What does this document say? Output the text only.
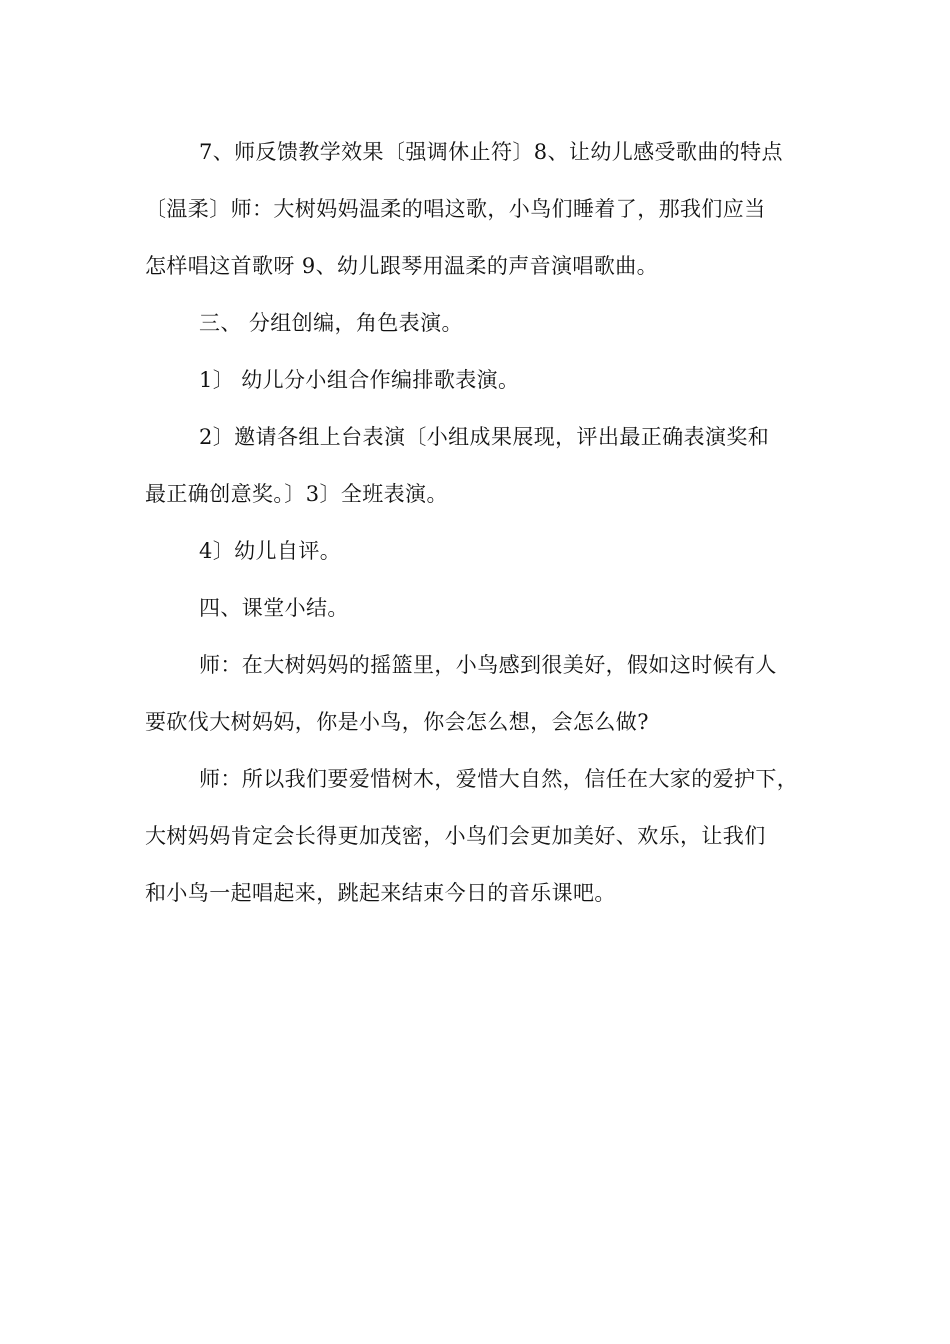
7、师反馈教学效果〔强调休止符〕8、让幼儿感受歌曲的特点
〔温柔〕师：大树妈妈温柔的唱这歌，小鸟们睡着了，那我们应当
怎样唱这首歌呀 9、幼儿跟琴用温柔的声音演唱歌曲。
三、 分组创编，角色表演。
1〕 幼儿分小组合作编排歌表演。
2〕邀请各组上台表演〔小组成果展现，评出最正确表演奖和
最正确创意奖。〕3〕全班表演。
4〕幼儿自评。
四、课堂小结。
师：在大树妈妈的摇篮里，小鸟感到很美好，假如这时候有人
要砍伐大树妈妈，你是小鸟，你会怎么想，会怎么做?
师：所以我们要爱惜树木，爱惜大自然，信任在大家的爱护下，
大树妈妈肯定会长得更加茂密，小鸟们会更加美好、欢乐，让我们
和小鸟一起唱起来，跳起来结束今日的音乐课吧。
